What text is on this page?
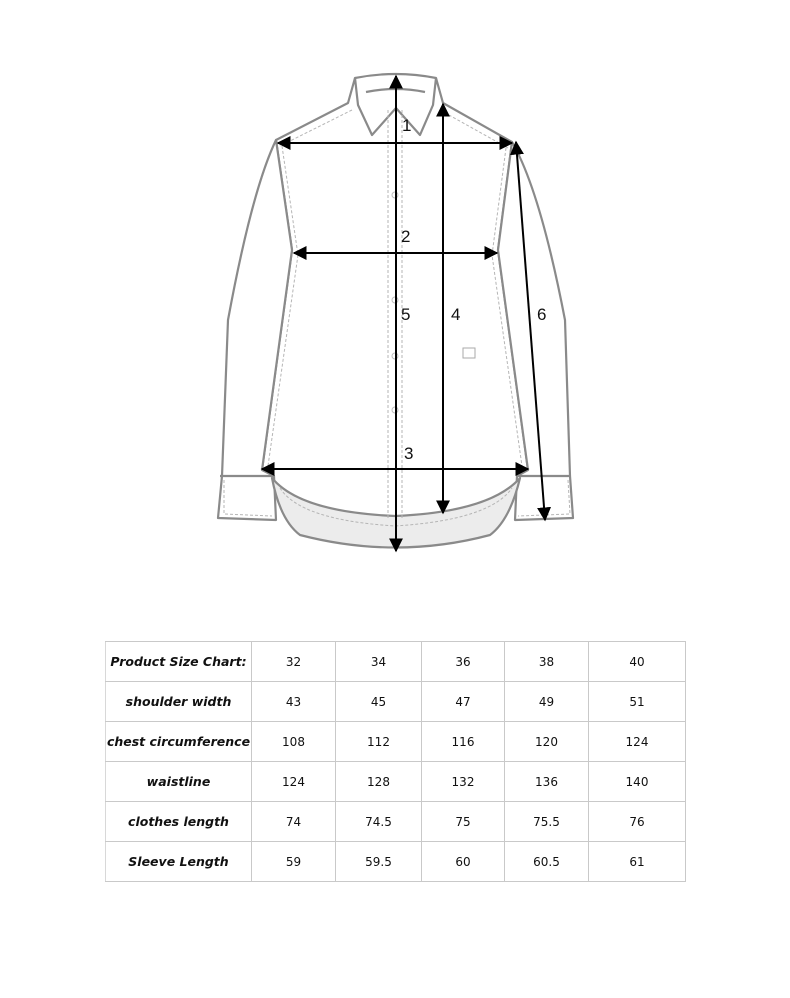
1
2
3
4
5	6
Product Size Chart:	32	34	36	38	40
shoulder width	43	45	47	49	51
chest circumference	108	112	116	120	124
waistline	124	128	132	136	140
clothes length	74	74.5	75	75.5	76
Sleeve Length	59	59.5	60	60.5	61
